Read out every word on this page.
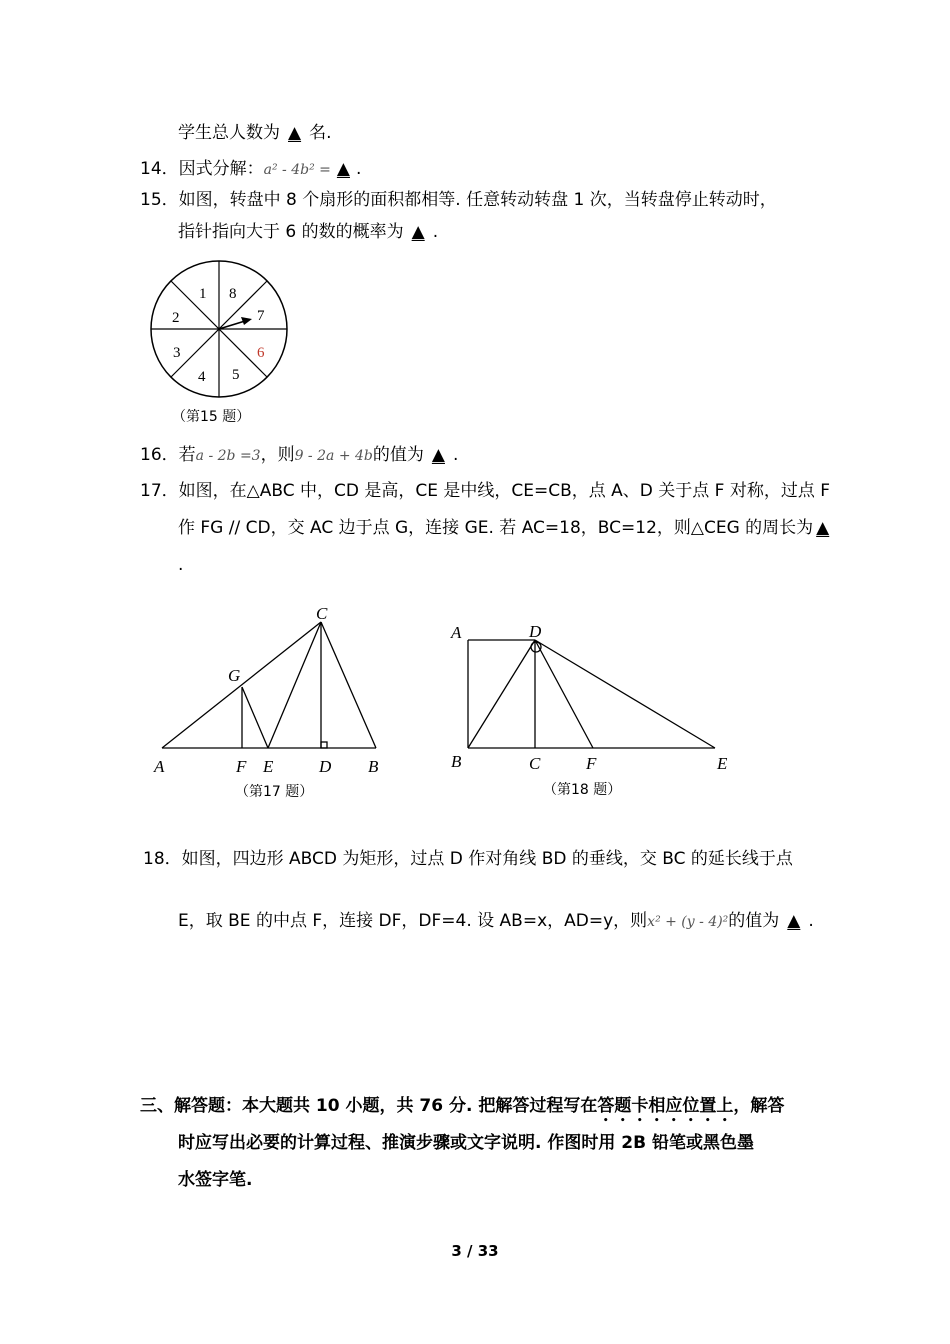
学生总人数为 ▲ 名.
14．因式分解：a² - 4b² = ▲ .
15．如图，转盘中 8 个扇形的面积都相等. 任意转动转盘 1 次，当转盘停止转动时，
指针指向大于 6 的数的概率为 ▲ .
1 8
7
6
5
4
3
2
（第15 题）
16．若a - 2b =3，则9 - 2a + 4b的值为 ▲ .
17．如图，在△ABC 中，CD 是高，CE 是中线，CE=CB，点 A、D 关于点 F 对称，过点 F
作 FG // CD，交 AC 边于点 G，连接 GE. 若 AC=18，BC=12，则△CEG 的周长为 ▲
.
C
G
A	F E	D B
（第17 题）
A	D
B	C	F	E
（第18 题）
18．如图，四边形 ABCD 为矩形，过点 D 作对角线 BD 的垂线，交 BC 的延长线于点
E，取 BE 的中点 F，连接 DF，DF=4. 设 AB=x，AD=y，则x² + (y - 4)²的值为 ▲ .
三、解答题：本大题共 10 小题，共 76 分. 把解答过程写在答题卡相应位置上，解答
时应写出必要的计算过程、推演步骤或文字说明. 作图时用 2B 铅笔或黑色墨
水签字笔.
3 / 33
